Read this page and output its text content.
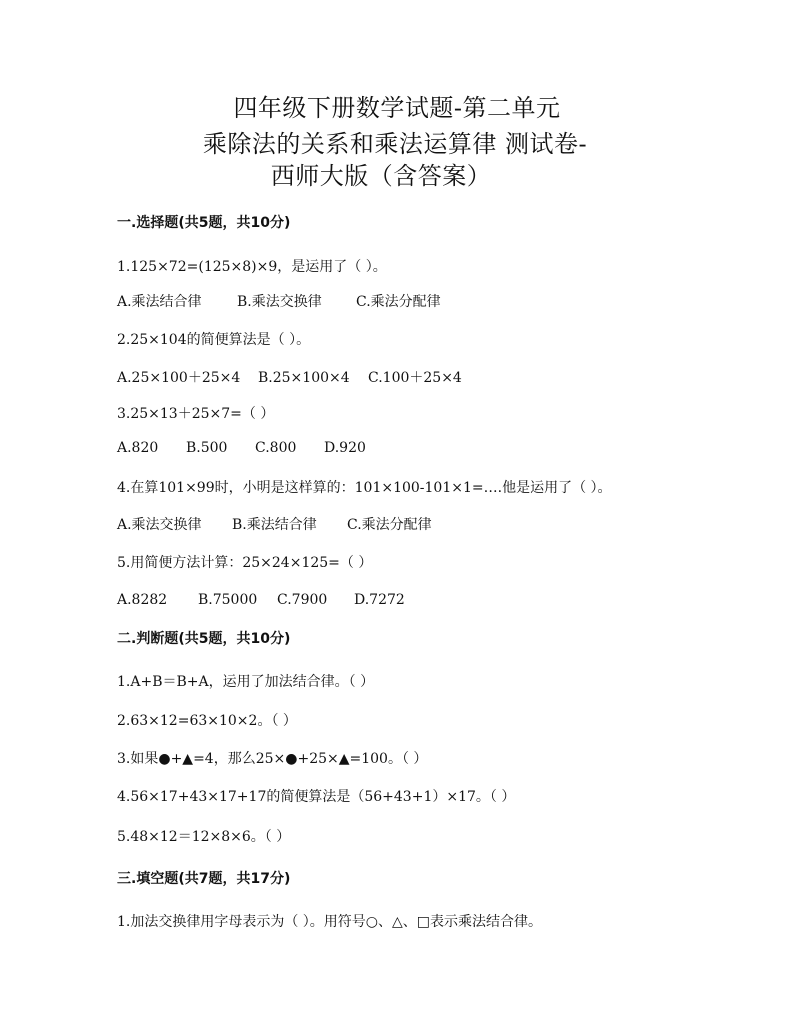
四年级下册数学试题-第二单元
乘除法的关系和乘法运算律 测试卷-
西师大版（含答案）
一.选择题(共5题，共10分)
1.125×72=(125×8)×9，是运用了（ ）。
A.乘法结合律	B.乘法交换律 C.乘法分配律
2.25×104的简便算法是（ ）。
A.25×100＋25×4 B.25×100×4 C.100＋25×4
3.25×13＋25×7=（ ）
A.820 B.500 C.800 D.920
4.在算101×99时，小明是这样算的：101×100-101×1=….他是运用了（ ）。
A.乘法交换律 B.乘法结合律 C.乘法分配律
5.用简便方法计算：25×24×125=（ ）
A.8282 B.75000 C.7900 D.7272
二.判断题(共5题，共10分)
1.A+B＝B+A，运用了加法结合律。（ ）
2.63×12=63×10×2。（ ）
3.如果●+▲=4，那么25×●+25×▲=100。（ ）
4.56×17+43×17+17的简便算法是（56+43+1）×17。（ ）
5.48×12＝12×8×6。（ ）
三.填空题(共7题，共17分)
1.加法交换律用字母表示为（ ）。用符号○、△、□表示乘法结合律。
